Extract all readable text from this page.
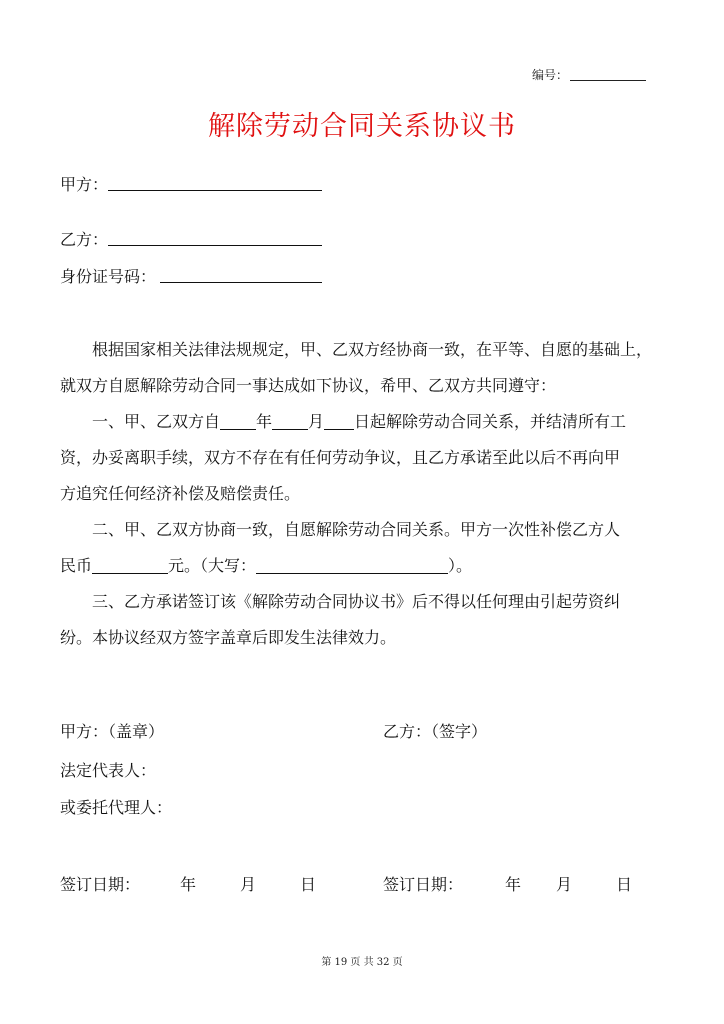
编号：
解除劳动合同关系协议书
甲方：
乙方：
身份证号码：
根据国家相关法律法规规定，甲、乙双方经协商一致，在平等、自愿的基础上，
就双方自愿解除劳动合同一事达成如下协议，希甲、乙双方共同遵守：
一、甲、乙双方自 年 月 日起解除劳动合同关系，并结清所有工
资，办妥离职手续，双方不存在有任何劳动争议，且乙方承诺至此以后不再向甲
方追究任何经济补偿及赔偿责任。
二、甲、乙双方协商一致，自愿解除劳动合同关系。甲方一次性补偿乙方人
民币	元。（大写：	）。
三、乙方承诺签订该《解除劳动合同协议书》后不得以任何理由引起劳资纠
纷。本协议经双方签字盖章后即发生法律效力。
甲方：（盖章）	乙方：（签字）
法定代表人：
或委托代理人：
签订日期： 年	月	日	签订日期：	年 月	日
第 19 页 共 32 页
